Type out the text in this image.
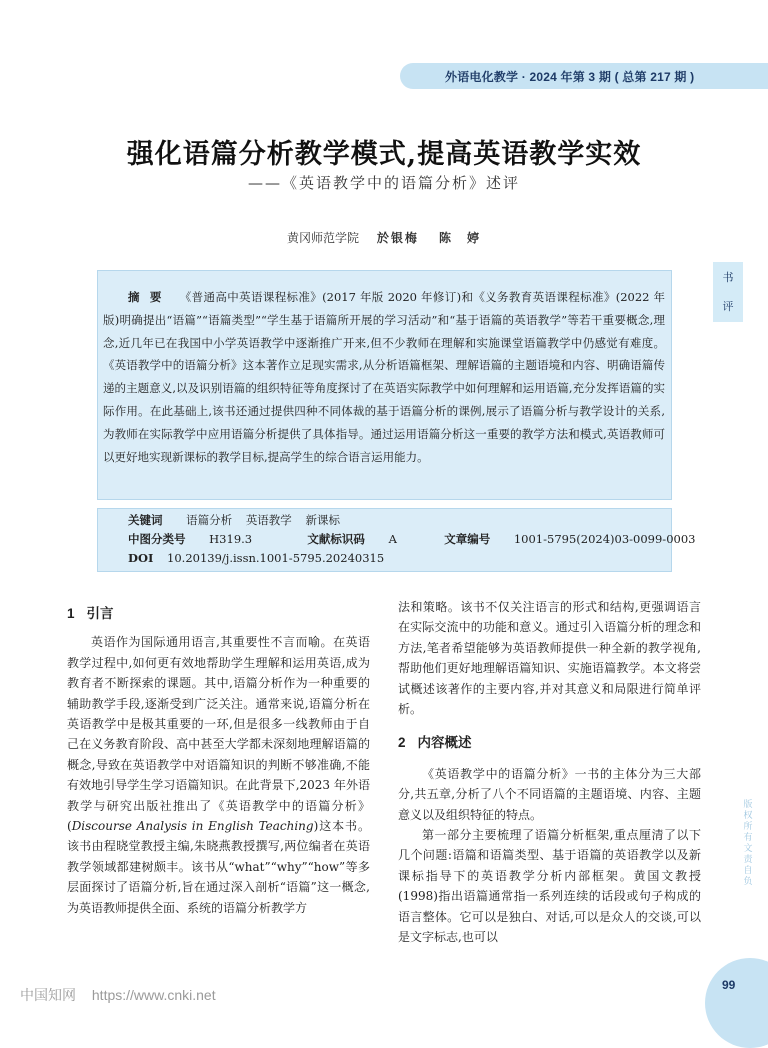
外语电化教学 · 2024 年第 3 期 ( 总第 217 期 )
强化语篇分析教学模式,提高英语教学实效
——《英语教学中的语篇分析》述评
黄冈师范学院 於银梅 陈　婷
书
评
摘要 《普通高中英语课程标准》(2017 年版 2020 年修订)和《义务教育英语课程标准》(2022 年版)明确提出“语篇”“语篇类型”“学生基于语篇所开展的学习活动”和“基于语篇的英语教学”等若干重要概念,理念,近几年已在我国中小学英语教学中逐渐推广开来,但不少教师在理解和实施课堂语篇教学中仍感觉有难度。《英语教学中的语篇分析》这本著作立足现实需求,从分析语篇框架、理解语篇的主题语境和内容、明确语篇传递的主题意义,以及识别语篇的组织特征等角度探讨了在英语实际教学中如何理解和运用语篇,充分发挥语篇的实际作用。在此基础上,该书还通过提供四种不同体裁的基于语篇分析的课例,展示了语篇分析与教学设计的关系,为教师在实际教学中应用语篇分析提供了具体指导。通过运用语篇分析这一重要的教学方法和模式,英语教师可以更好地实现新课标的教学目标,提高学生的综合语言运用能力。
关键词 语篇分析 英语教学 新课标
中图分类号 H319.3	文献标识码 A	文章编号 1001-5795(2024)03-0099-0003
DOI 10.20139/j.issn.1001-5795.20240315
1 引言

英语作为国际通用语言,其重要性不言而喻。在英语教学过程中,如何更有效地帮助学生理解和运用英语,成为教育者不断探索的课题。其中,语篇分析作为一种重要的辅助教学手段,逐渐受到广泛关注。通常来说,语篇分析在英语教学中是极其重要的一环,但是很多一线教师由于自己在义务教育阶段、高中甚至大学都未深刻地理解语篇的概念,导致在英语教学中对语篇知识的判断不够准确,不能有效地引导学生学习语篇知识。在此背景下,2023 年外语教学与研究出版社推出了《英语教学中的语篇分析》(Discourse Analysis in English Teaching)这本书。该书由程晓堂教授主编,朱晓燕教授撰写,两位编者在英语教学领域都建树颇丰。该书从“what”“why”“how”等多层面探讨了语篇分析,旨在通过深入剖析“语篇”这一概念,为英语教师提供全面、系统的语篇分析教学方

法和策略。该书不仅关注语言的形式和结构,更强调语言在实际交流中的功能和意义。通过引入语篇分析的理念和方法,笔者希望能够为英语教师提供一种全新的教学视角,帮助他们更好地理解语篇知识、实施语篇教学。本文将尝试概述该著作的主要内容,并对其意义和局限进行简单评析。

2 内容概述

《英语教学中的语篇分析》一书的主体分为三大部分,共五章,分析了八个不同语篇的主题语境、内容、主题意义以及组织特征的特点。

第一部分主要梳理了语篇分析框架,重点厘清了以下几个问题:语篇和语篇类型、基于语篇的英语教学以及新课标指导下的英语教学分析内部框架。黄国文教授(1998)指出语篇通常指一系列连续的话段或句子构成的语言整体。它可以是独白、对话,可以是众人的交谈,可以是文字标志,也可以

版权所有　文责自负
99
中国知网 https://www.cnki.net
